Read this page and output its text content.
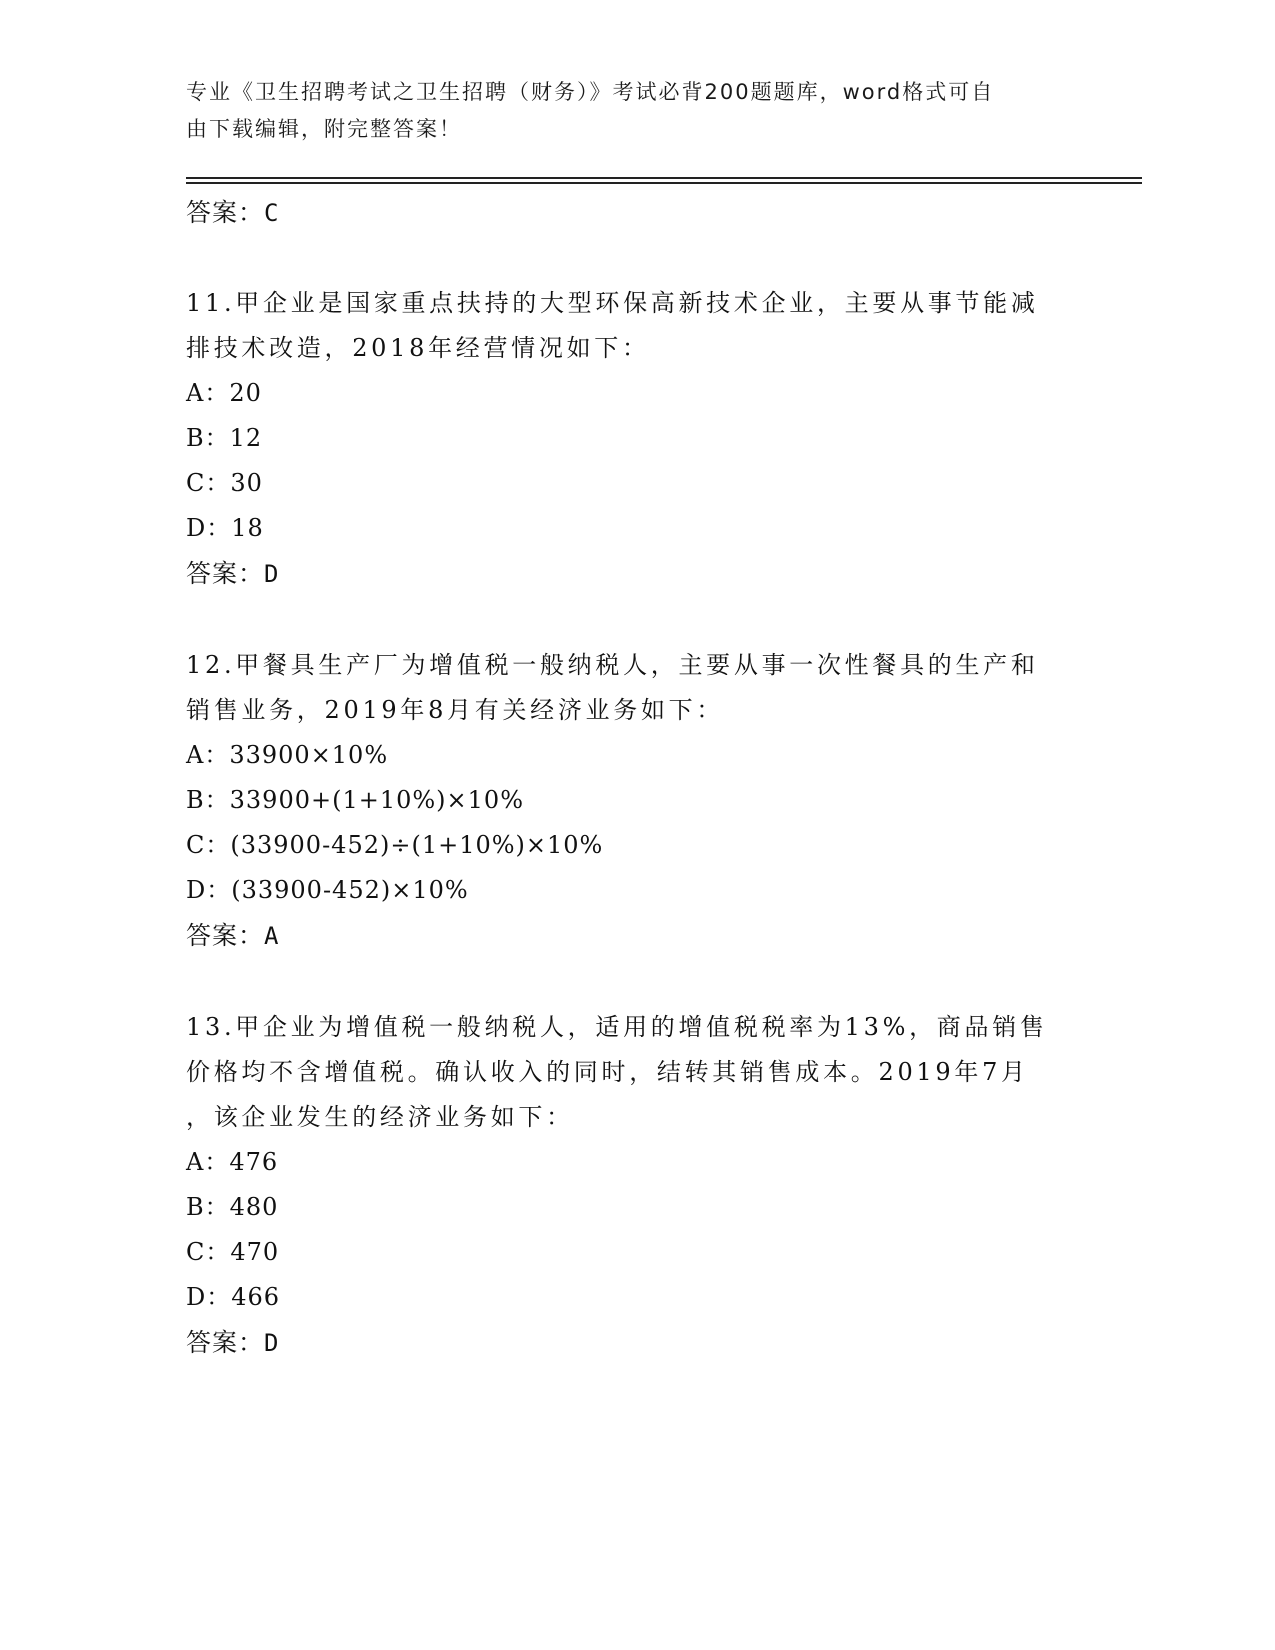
专业《卫生招聘考试之卫生招聘（财务）》考试必背200题题库，word格式可自
由下载编辑，附完整答案！
答案：C
11.甲企业是国家重点扶持的大型环保高新技术企业，主要从事节能减
排技术改造，2018年经营情况如下：
A：20
B：12
C：30
D：18
答案：D
12.甲餐具生产厂为增值税一般纳税人，主要从事一次性餐具的生产和
销售业务，2019年8月有关经济业务如下：
A：33900×10%
B：33900+(1+10%)×10%
C：(33900-452)÷(1+10%)×10%
D：(33900-452)×10%
答案：A
13.甲企业为增值税一般纳税人，适用的增值税税率为13%，商品销售
价格均不含增值税。确认收入的同时，结转其销售成本。2019年7月
，该企业发生的经济业务如下：
A：476
B：480
C：470
D：466
答案：D
